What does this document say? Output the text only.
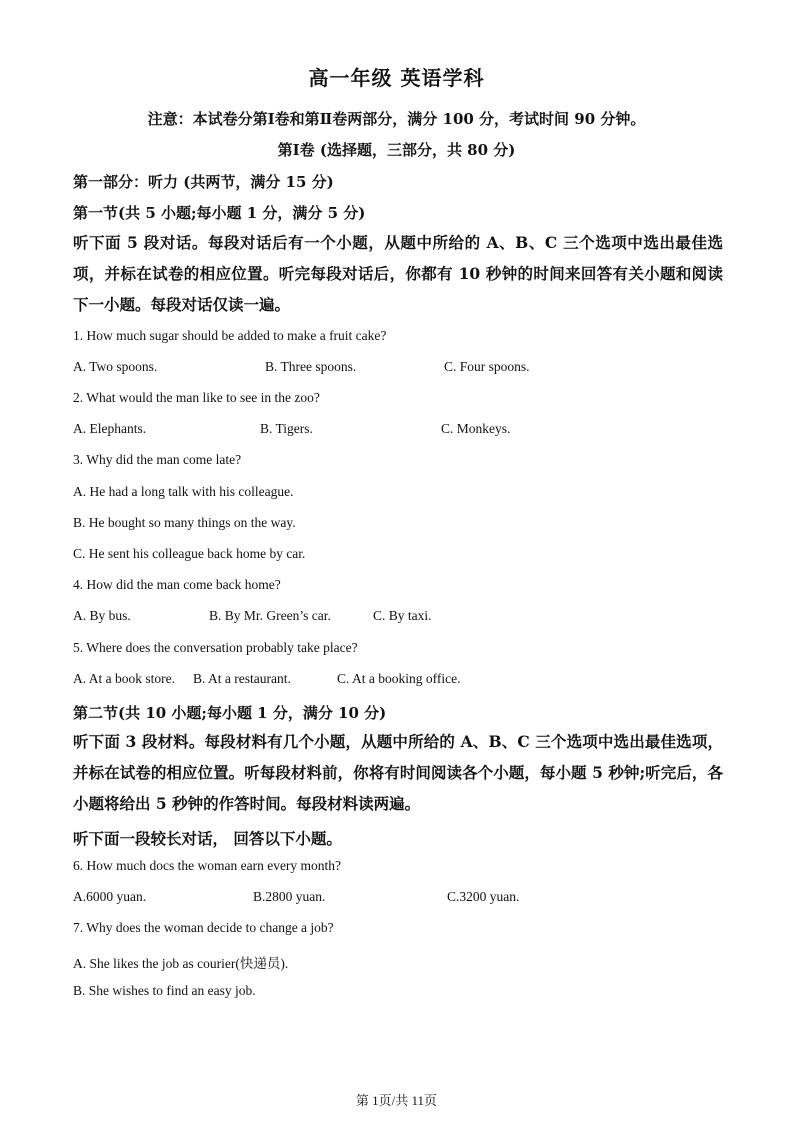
高一年级 英语学科
注意：本试卷分第Ⅰ卷和第Ⅱ卷两部分，满分 100 分，考试时间 90 分钟。
第Ⅰ卷 (选择题，三部分，共 80 分)
第一部分：听力 (共两节，满分 15 分)
第一节(共 5 小题;每小题 1 分，满分 5 分)
听下面 5 段对话。每段对话后有一个小题，从题中所给的 A、B、C 三个选项中选出最佳选项，并标在试卷的相应位置。听完每段对话后，你都有 10 秒钟的时间来回答有关小题和阅读下一小题。每段对话仅读一遍。
1. How much sugar should be added to make a fruit cake?
A. Two spoons.	B. Three spoons.	C. Four spoons.
2. What would the man like to see in the zoo?
A. Elephants.	B. Tigers.	C. Monkeys.
3. Why did the man come late?
A. He had a long talk with his colleague.
B. He bought so many things on the way.
C. He sent his colleague back home by car.
4. How did the man come back home?
A. By bus.	B. By Mr. Green’s car.	C. By taxi.
5. Where does the conversation probably take place?
A. At a book store. B. At a restaurant.	C. At a booking office.
第二节(共 10 小题;每小题 1 分，满分 10 分)
听下面 3 段材料。每段材料有几个小题，从题中所给的 A、B、C 三个选项中选出最佳选项，并标在试卷的相应位置。听每段材料前，你将有时间阅读各个小题，每小题 5 秒钟;听完后，各小题将给出 5 秒钟的作答时间。每段材料读两遍。
听下面一段较长对话， 回答以下小题。
6. How much docs the woman earn every month?
A.6000 yuan.	B.2800 yuan.	C.3200 yuan.
7. Why does the woman decide to change a job?
A. She likes the job as courier(快递员).
B. She wishes to find an easy job.
第 1页/共 11页
